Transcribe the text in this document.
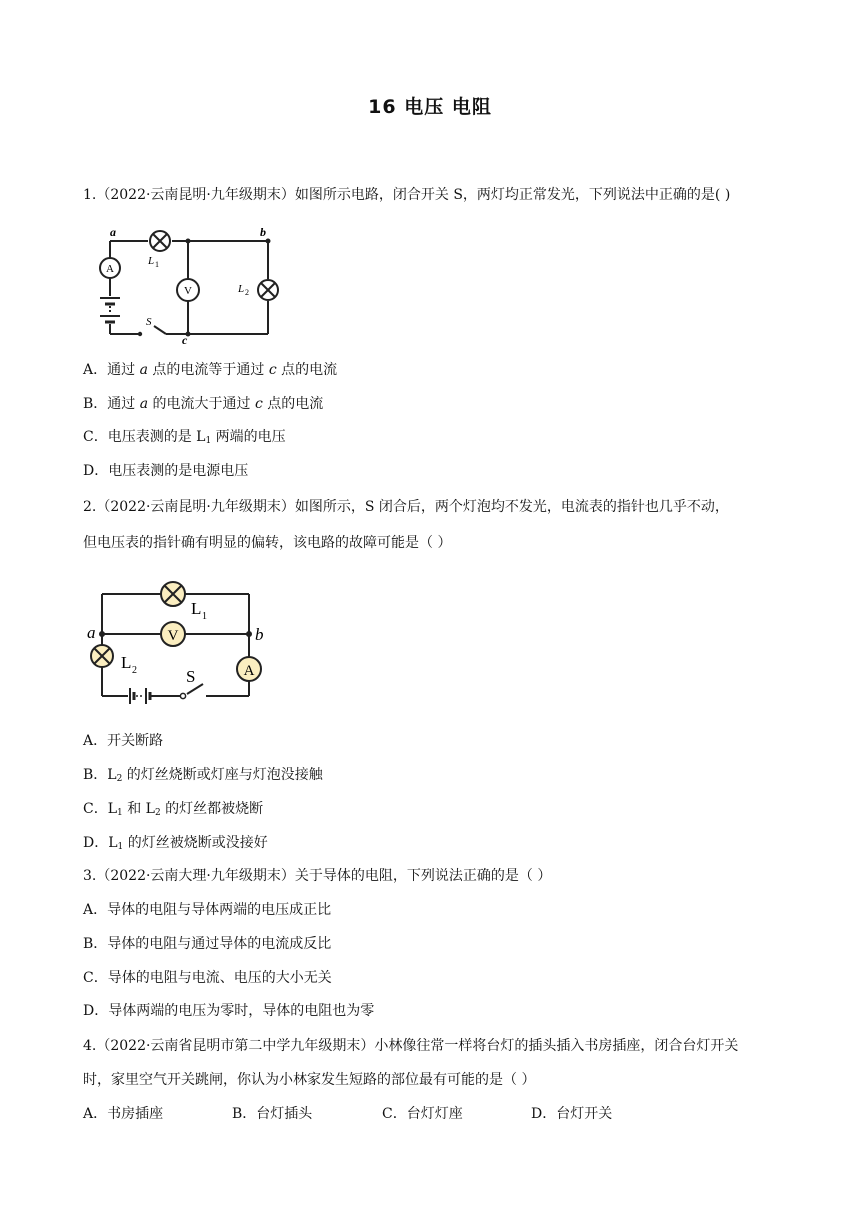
16 电压 电阻
1.（2022·云南昆明·九年级期末）如图所示电路，闭合开关 S，两灯均正常发光，下列说法中正确的是( )
A
L 1
V	L 2
S
a	b
c
A．通过 a 点的电流等于通过 c 点的电流
B．通过 a 的电流大于通过 c 点的电流
C．电压表测的是 $L_1$ 两端的电压
D．电压表测的是电源电压
2.（2022·云南昆明·九年级期末）如图所示，S 闭合后，两个灯泡均不发光，电流表的指针也几乎不动，
但电压表的指针确有明显的偏转，该电路的故障可能是（ ）
S
L 1
V
L 2	A
a	b
A．开关断路
B．$L_2$ 的灯丝烧断或灯座与灯泡没接触
C．$L_1$ 和 $L_2$ 的灯丝都被烧断
D．$L_1$ 的灯丝被烧断或没接好
3.（2022·云南大理·九年级期末）关于导体的电阻，下列说法正确的是（ ）
A．导体的电阻与导体两端的电压成正比
B．导体的电阻与通过导体的电流成反比
C．导体的电阻与电流、电压的大小无关
D．导体两端的电压为零时，导体的电阻也为零
4.（2022·云南省昆明市第二中学九年级期末）小林像往常一样将台灯的插头插入书房插座，闭合台灯开关
时，家里空气开关跳闸，你认为小林家发生短路的部位最有可能的是（ ）
A．书房插座	B．台灯插头	C．台灯灯座	D．台灯开关
